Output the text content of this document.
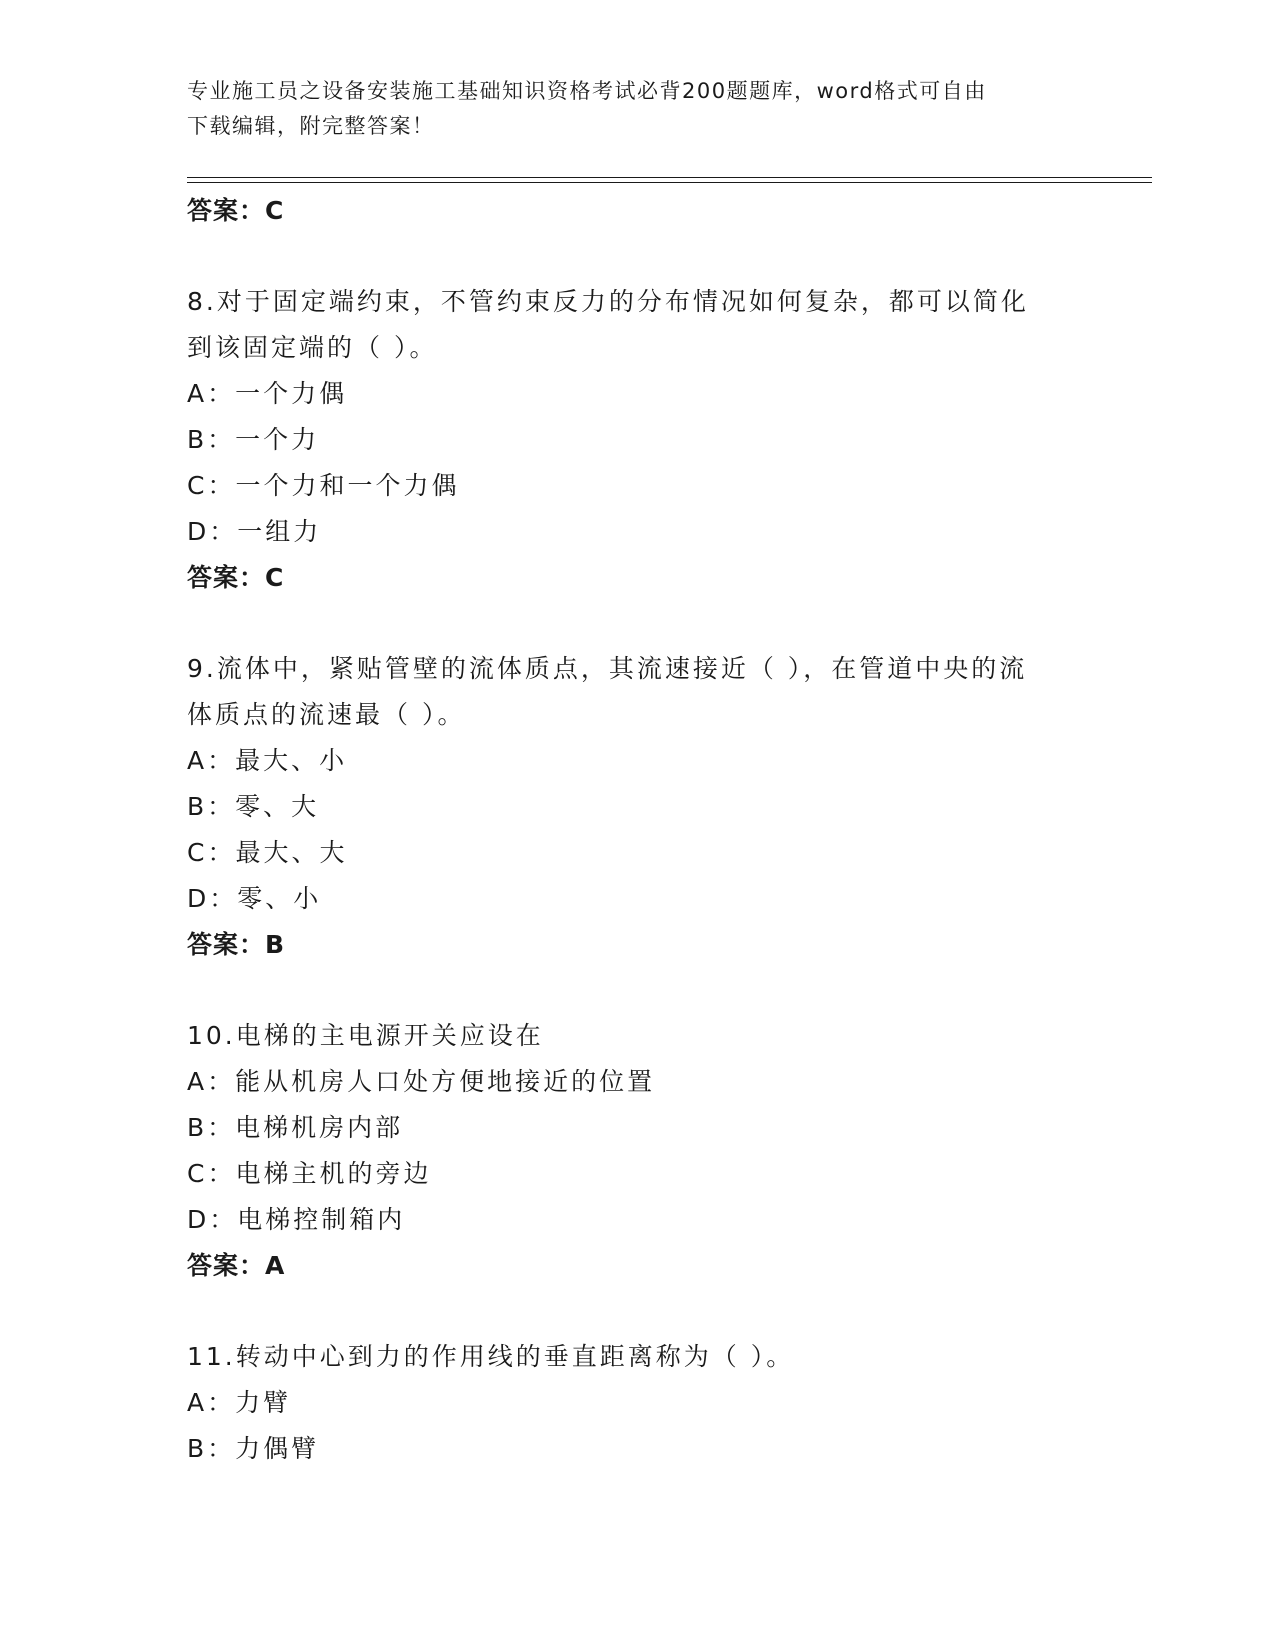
专业施工员之设备安装施工基础知识资格考试必背200题题库，word格式可自由
下载编辑，附完整答案！
答案：C
8.对于固定端约束，不管约束反力的分布情况如何复杂，都可以简化
到该固定端的（ ）。
A：一个力偶
B：一个力
C：一个力和一个力偶
D：一组力
答案：C
9.流体中，紧贴管壁的流体质点，其流速接近（ ），在管道中央的流
体质点的流速最（ ）。
A：最大、小
B：零、大
C：最大、大
D：零、小
答案：B
10.电梯的主电源开关应设在
A：能从机房人口处方便地接近的位置
B：电梯机房内部
C：电梯主机的旁边
D：电梯控制箱内
答案：A
11.转动中心到力的作用线的垂直距离称为（ ）。
A：力臂
B：力偶臂
